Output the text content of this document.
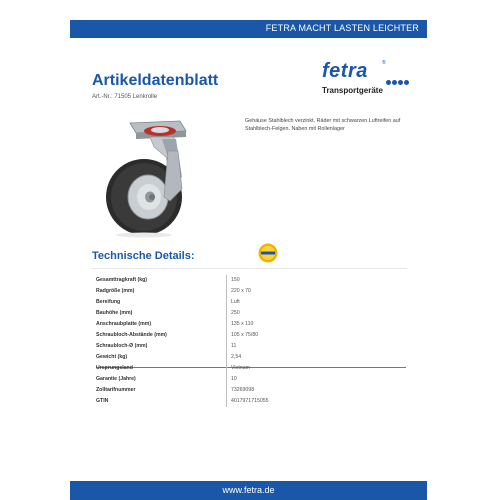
FETRA MACHT LASTEN LEICHTER
Artikeldatenblatt
Art.-Nr.: 71505 Lenkrolle
fetra	®
Transportgeräte
Gehäuse Stahlblech verzinkt, Räder mit schwarzen Luftreifen auf Stahlblech-Felgen. Naben mit Rollenlager
Technische Details:
Gesamttragkraft (kg)	150
Radgröße (mm)	220 x 70
Bereifung	Luft
Bauhöhe (mm)	250
Anschraubplatte (mm)	135 x 110
Schraubloch-Abstände (mm)	105 x 75/80
Schraubloch-Ø (mm)	11
Gewicht (kg)	2,54
Ursprungsland	Vietnam
Garantie (Jahre)	10
Zolltarifnummer	73269098
GTIN	4017971715055
www.fetra.de
